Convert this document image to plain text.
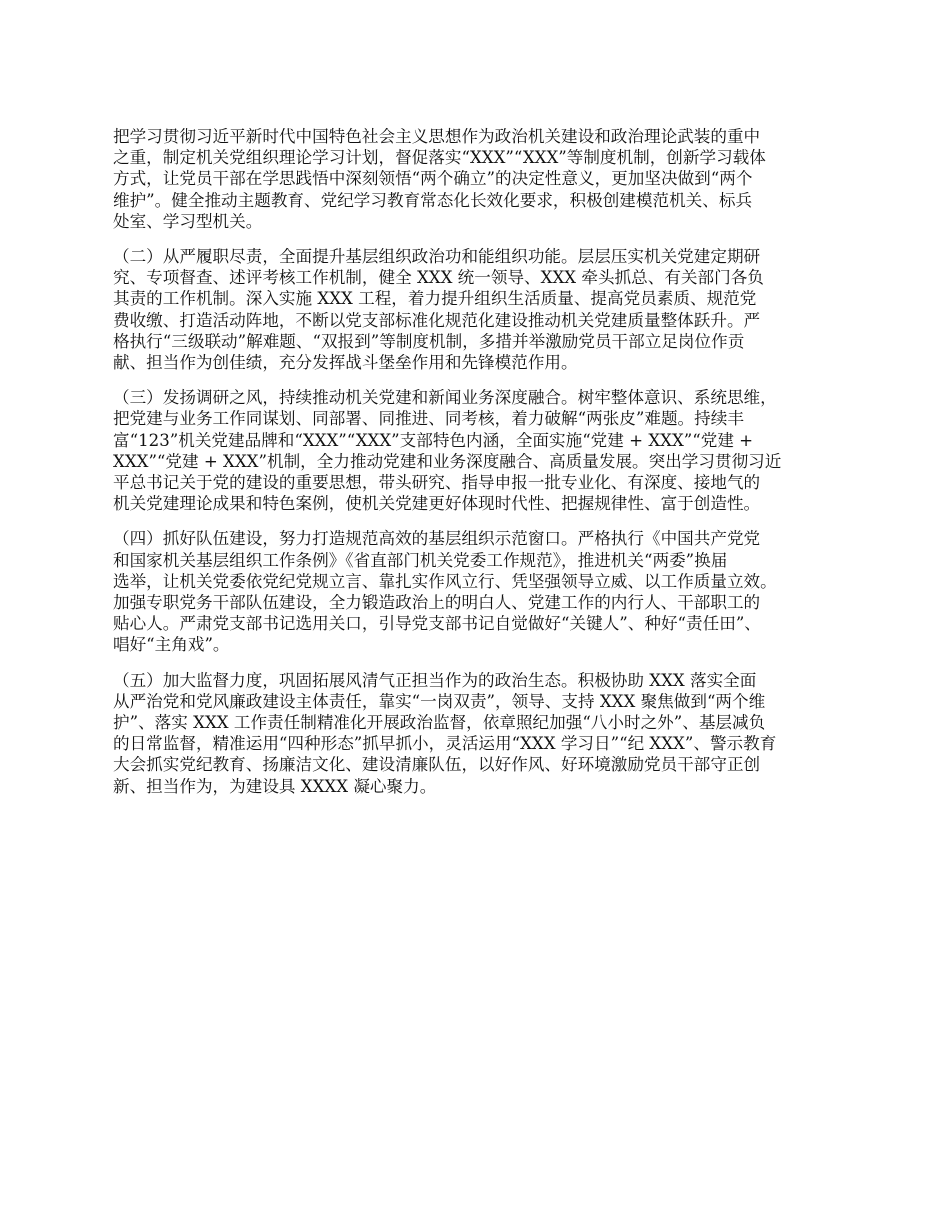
把学习贯彻习近平新时代中国特色社会主义思想作为政治机关建设和政治理论武装的重中
之重，制定机关党组织理论学习计划，督促落实“XXX”“XXX”等制度机制，创新学习载体
方式，让党员干部在学思践悟中深刻领悟“两个确立”的决定性意义，更加坚决做到“两个
维护”。健全推动主题教育、党纪学习教育常态化长效化要求，积极创建模范机关、标兵
处室、学习型机关。

（二）从严履职尽责，全面提升基层组织政治功和能组织功能。层层压实机关党建定期研
究、专项督查、述评考核工作机制，健全 XXX 统一领导、XXX 牵头抓总、有关部门各负
其责的工作机制。深入实施 XXX 工程，着力提升组织生活质量、提高党员素质、规范党
费收缴、打造活动阵地，不断以党支部标准化规范化建设推动机关党建质量整体跃升。严
格执行“三级联动”解难题、“双报到”等制度机制，多措并举激励党员干部立足岗位作贡
献、担当作为创佳绩，充分发挥战斗堡垒作用和先锋模范作用。

（三）发扬调研之风，持续推动机关党建和新闻业务深度融合。树牢整体意识、系统思维，
把党建与业务工作同谋划、同部署、同推进、同考核，着力破解“两张皮”难题。持续丰
富“123”机关党建品牌和“XXX”“XXX”支部特色内涵，全面实施“党建 + XXX”“党建 +
XXX”“党建 + XXX”机制，全力推动党建和业务深度融合、高质量发展。突出学习贯彻习近
平总书记关于党的建设的重要思想，带头研究、指导申报一批专业化、有深度、接地气的
机关党建理论成果和特色案例，使机关党建更好体现时代性、把握规律性、富于创造性。

（四）抓好队伍建设，努力打造规范高效的基层组织示范窗口。严格执行《中国共产党党
和国家机关基层组织工作条例》《省直部门机关党委工作规范》，推进机关“两委”换届
选举，让机关党委依党纪党规立言、靠扎实作风立行、凭坚强领导立威、以工作质量立效。
加强专职党务干部队伍建设，全力锻造政治上的明白人、党建工作的内行人、干部职工的
贴心人。严肃党支部书记选用关口，引导党支部书记自觉做好“关键人”、种好“责任田”、
唱好“主角戏”。

（五）加大监督力度，巩固拓展风清气正担当作为的政治生态。积极协助 XXX 落实全面
从严治党和党风廉政建设主体责任，靠实“一岗双责”，领导、支持 XXX 聚焦做到“两个维
护”、落实 XXX 工作责任制精准化开展政治监督，依章照纪加强“八小时之外”、基层减负
的日常监督，精准运用“四种形态”抓早抓小，灵活运用“XXX 学习日”“纪 XXX”、警示教育
大会抓实党纪教育、扬廉洁文化、建设清廉队伍，以好作风、好环境激励党员干部守正创
新、担当作为，为建设具 XXXX 凝心聚力。
